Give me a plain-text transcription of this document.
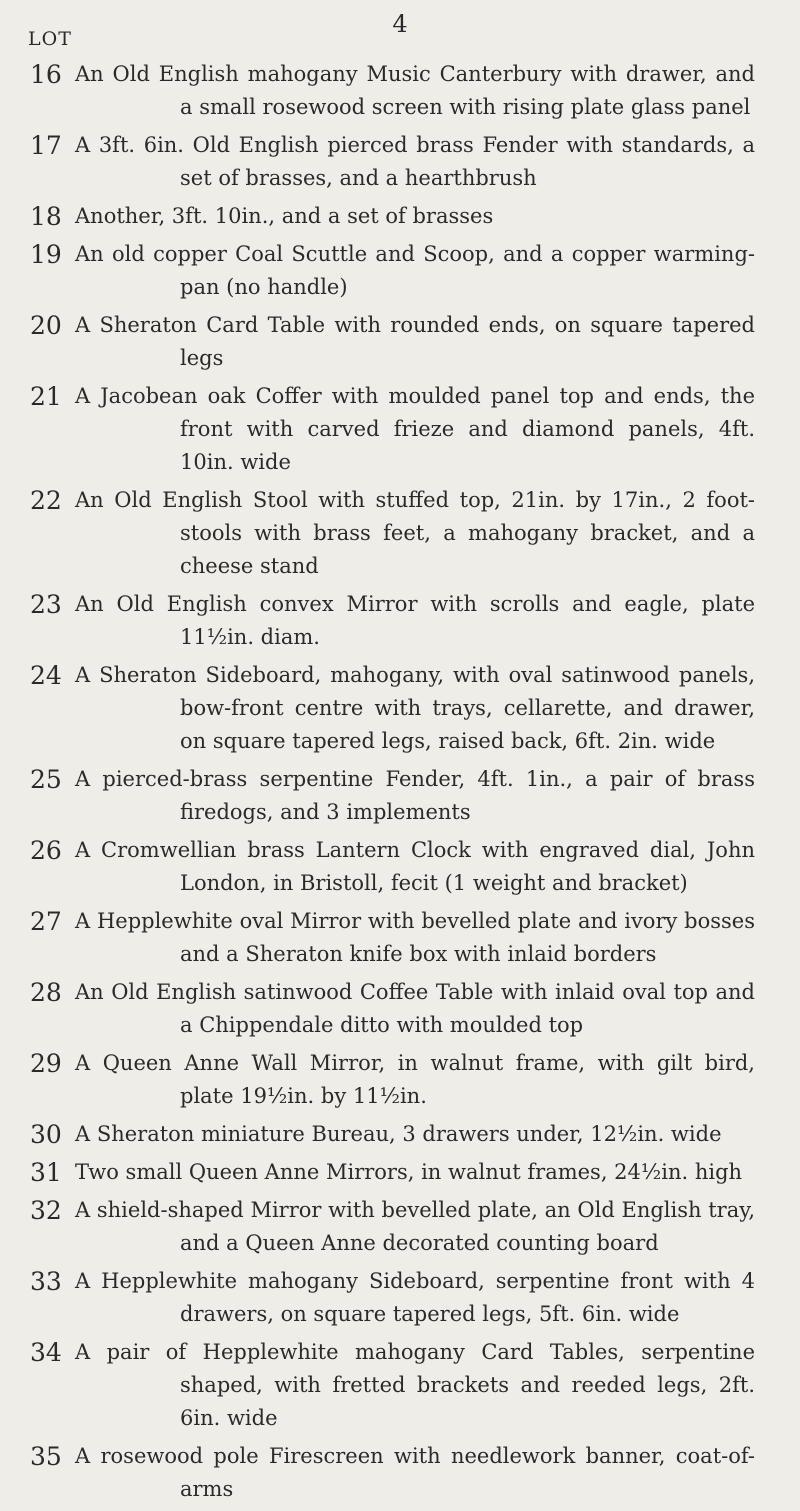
4
LOT
16 An Old English mahogany Music Canterbury with drawer, and a small rosewood screen with rising plate glass panel
17 A 3ft. 6in. Old English pierced brass Fender with standards, a set of brasses, and a hearthbrush
18 Another, 3ft. 10in., and a set of brasses
19 An old copper Coal Scuttle and Scoop, and a copper warming-pan (no handle)
20 A Sheraton Card Table with rounded ends, on square tapered legs
21 A Jacobean oak Coffer with moulded panel top and ends, the front with carved frieze and diamond panels, 4ft. 10in. wide
22 An Old English Stool with stuffed top, 21in. by 17in., 2 foot-stools with brass feet, a mahogany bracket, and a cheese stand
23 An Old English convex Mirror with scrolls and eagle, plate 11½in. diam.
24 A Sheraton Sideboard, mahogany, with oval satinwood panels, bow-front centre with trays, cellarette, and drawer, on square tapered legs, raised back, 6ft. 2in. wide
25 A pierced-brass serpentine Fender, 4ft. 1in., a pair of brass firedogs, and 3 implements
26 A Cromwellian brass Lantern Clock with engraved dial, John London, in Bristoll, fecit (1 weight and bracket)
27 A Hepplewhite oval Mirror with bevelled plate and ivory bosses and a Sheraton knife box with inlaid borders
28 An Old English satinwood Coffee Table with inlaid oval top and a Chippendale ditto with moulded top
29 A Queen Anne Wall Mirror, in walnut frame, with gilt bird, plate 19½in. by 11½in.
30 A Sheraton miniature Bureau, 3 drawers under, 12½in. wide
31 Two small Queen Anne Mirrors, in walnut frames, 24½in. high
32 A shield-shaped Mirror with bevelled plate, an Old English tray, and a Queen Anne decorated counting board
33 A Hepplewhite mahogany Sideboard, serpentine front with 4 drawers, on square tapered legs, 5ft. 6in. wide
34 A pair of Hepplewhite mahogany Card Tables, serpentine shaped, with fretted brackets and reeded legs, 2ft. 6in. wide
35 A rosewood pole Firescreen with needlework banner, coat-of-arms
